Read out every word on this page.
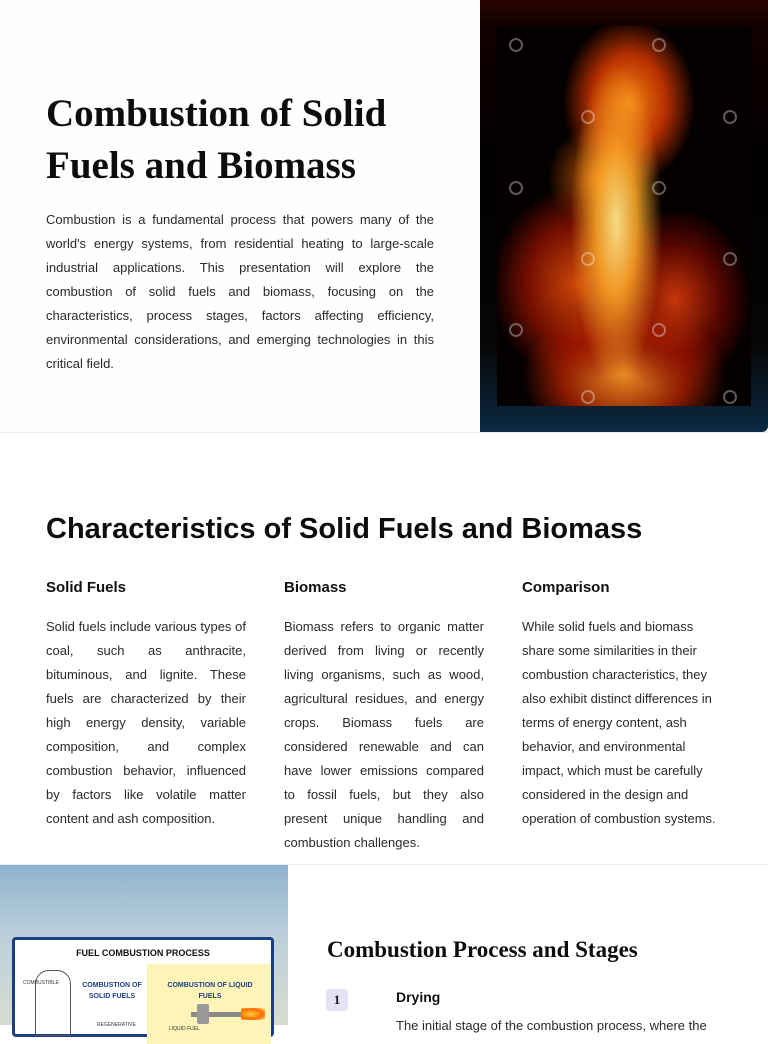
Combustion of Solid Fuels and Biomass

Combustion is a fundamental process that powers many of the world's energy systems, from residential heating to large-scale industrial applications. This presentation will explore the combustion of solid fuels and biomass, focusing on the characteristics, process stages, factors affecting efficiency, environmental considerations, and emerging technologies in this critical field.

Characteristics of Solid Fuels and Biomass
Solid Fuels

Solid fuels include various types of coal, such as anthracite, bituminous, and lignite. These fuels are characterized by their high energy density, variable composition, and complex combustion behavior, influenced by factors like volatile matter content and ash composition.

Biomass

Biomass refers to organic matter derived from living or recently living organisms, such as wood, agricultural residues, and energy crops. Biomass fuels are considered renewable and can have lower emissions compared to fossil fuels, but they also present unique handling and combustion challenges.

Comparison

While solid fuels and biomass share some similarities in their combustion characteristics, they also exhibit distinct differences in terms of energy content, ash behavior, and environmental impact, which must be carefully considered in the design and operation of combustion systems.

FUEL COMBUSTION PROCESS
COMBUSTIBLE	COMBUSTION OF SOLID FUELS
COMBUSTION OF LIQUID FUELS
REGENERATIVE
LIQUID FUEL
Combustion Process and Stages
1	Drying

The initial stage of the combustion process, where the
